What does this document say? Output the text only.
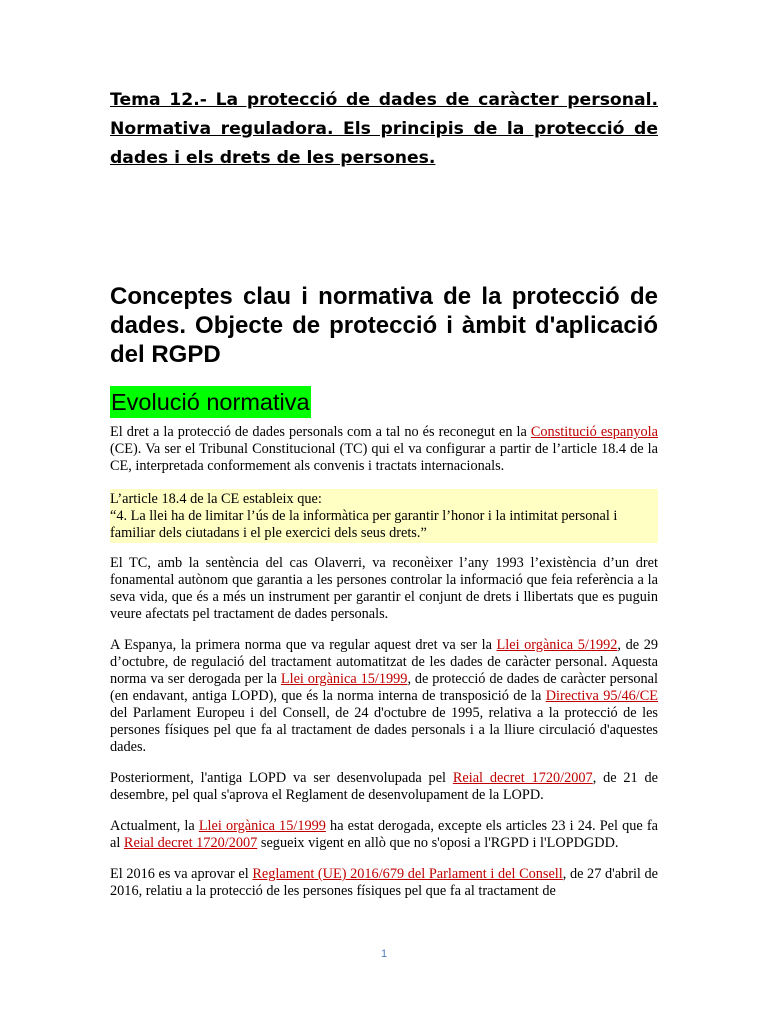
Tema 12.- La protecció de dades de caràcter personal. Normativa reguladora. Els principis de la protecció de dades i els drets de les persones.
Conceptes clau i normativa de la protecció de dades. Objecte de protecció i àmbit d'aplicació del RGPD
Evolució normativa

El dret a la protecció de dades personals com a tal no és reconegut en la Constitució espanyola (CE). Va ser el Tribunal Constitucional (TC) qui el va configurar a partir de l’article 18.4 de la CE, interpretada conformement als convenis i tractats internacionals.

L’article 18.4 de la CE estableix que:

“4. La llei ha de limitar l’ús de la informàtica per garantir l’honor i la intimitat personal i familiar dels ciutadans i el ple exercici dels seus drets.”

El TC, amb la sentència del cas Olaverri, va reconèixer l’any 1993 l’existència d’un dret fonamental autònom que garantia a les persones controlar la informació que feia referència a la seva vida, que és a més un instrument per garantir el conjunt de drets i llibertats que es puguin veure afectats pel tractament de dades personals.

A Espanya, la primera norma que va regular aquest dret va ser la Llei orgànica 5/1992, de 29 d’octubre, de regulació del tractament automatitzat de les dades de caràcter personal. Aquesta norma va ser derogada per la Llei orgànica 15/1999, de protecció de dades de caràcter personal (en endavant, antiga LOPD), que és la norma interna de transposició de la Directiva 95/46/CE del Parlament Europeu i del Consell, de 24 d'octubre de 1995, relativa a la protecció de les persones físiques pel que fa al tractament de dades personals i a la lliure circulació d'aquestes dades.

Posteriorment, l'antiga LOPD va ser desenvolupada pel Reial decret 1720/2007, de 21 de desembre, pel qual s'aprova el Reglament de desenvolupament de la LOPD.

Actualment, la Llei orgànica 15/1999 ha estat derogada, excepte els articles 23 i 24. Pel que fa al Reial decret 1720/2007 segueix vigent en allò que no s'oposi a l'RGPD i l'LOPDGDD.

El 2016 es va aprovar el Reglament (UE) 2016/679 del Parlament i del Consell, de 27 d'abril de 2016, relatiu a la protecció de les persones físiques pel que fa al tractament de

1
